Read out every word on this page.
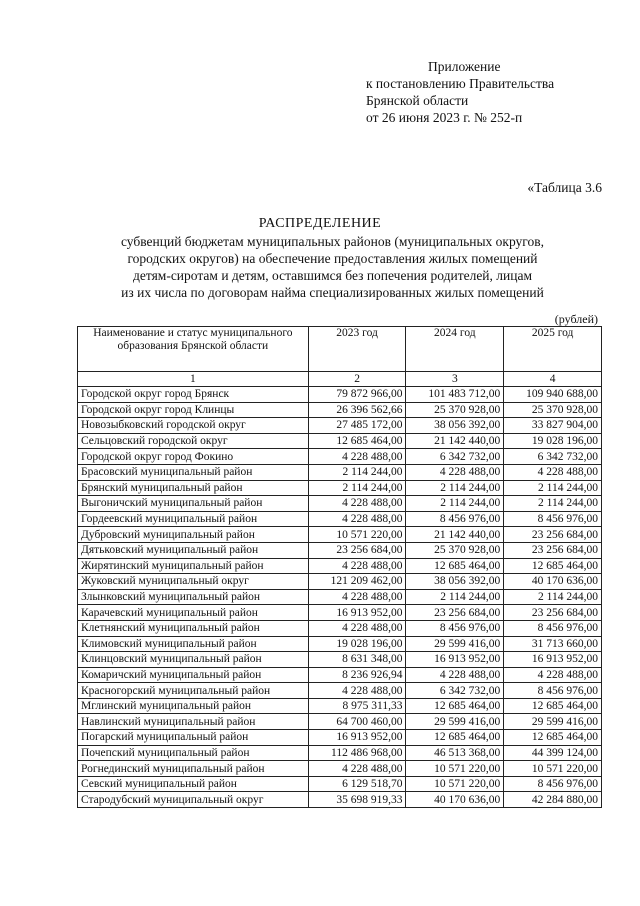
Приложение
к постановлению Правительства
Брянской области
от 26 июня 2023 г. № 252-п
«Таблица 3.6
РАСПРЕДЕЛЕНИЕ
субвенций бюджетам муниципальных районов (муниципальных округов,
городских округов) на обеспечение предоставления жилых помещений
детям-сиротам и детям, оставшимся без попечения родителей, лицам
из их числа по договорам найма специализированных жилых помещений
(рублей)
Наименование и статус муниципального образования Брянской области	2023 год	2024 год	2025 год
1	2	3	4
Городской округ город Брянск	79 872 966,00	101 483 712,00	109 940 688,00
Городской округ город Клинцы	26 396 562,66	25 370 928,00	25 370 928,00
Новозыбковский городской округ	27 485 172,00	38 056 392,00	33 827 904,00
Сельцовский городской округ	12 685 464,00	21 142 440,00	19 028 196,00
Городской округ город Фокино	4 228 488,00	6 342 732,00	6 342 732,00
Брасовский муниципальный район	2 114 244,00	4 228 488,00	4 228 488,00
Брянский муниципальный район	2 114 244,00	2 114 244,00	2 114 244,00
Выгоничский муниципальный район	4 228 488,00	2 114 244,00	2 114 244,00
Гордеевский муниципальный район	4 228 488,00	8 456 976,00	8 456 976,00
Дубровский муниципальный район	10 571 220,00	21 142 440,00	23 256 684,00
Дятьковский муниципальный район	23 256 684,00	25 370 928,00	23 256 684,00
Жирятинский муниципальный район	4 228 488,00	12 685 464,00	12 685 464,00
Жуковский муниципальный округ	121 209 462,00	38 056 392,00	40 170 636,00
Злынковский муниципальный район	4 228 488,00	2 114 244,00	2 114 244,00
Карачевский муниципальный район	16 913 952,00	23 256 684,00	23 256 684,00
Клетнянский муниципальный район	4 228 488,00	8 456 976,00	8 456 976,00
Климовский муниципальный район	19 028 196,00	29 599 416,00	31 713 660,00
Клинцовский муниципальный район	8 631 348,00	16 913 952,00	16 913 952,00
Комаричский муниципальный район	8 236 926,94	4 228 488,00	4 228 488,00
Красногорский муниципальный район	4 228 488,00	6 342 732,00	8 456 976,00
Мглинский муниципальный район	8 975 311,33	12 685 464,00	12 685 464,00
Навлинский муниципальный район	64 700 460,00	29 599 416,00	29 599 416,00
Погарский муниципальный район	16 913 952,00	12 685 464,00	12 685 464,00
Почепский муниципальный район	112 486 968,00	46 513 368,00	44 399 124,00
Рогнединский муниципальный район	4 228 488,00	10 571 220,00	10 571 220,00
Севский муниципальный район	6 129 518,70	10 571 220,00	8 456 976,00
Стародубский муниципальный округ	35 698 919,33	40 170 636,00	42 284 880,00
